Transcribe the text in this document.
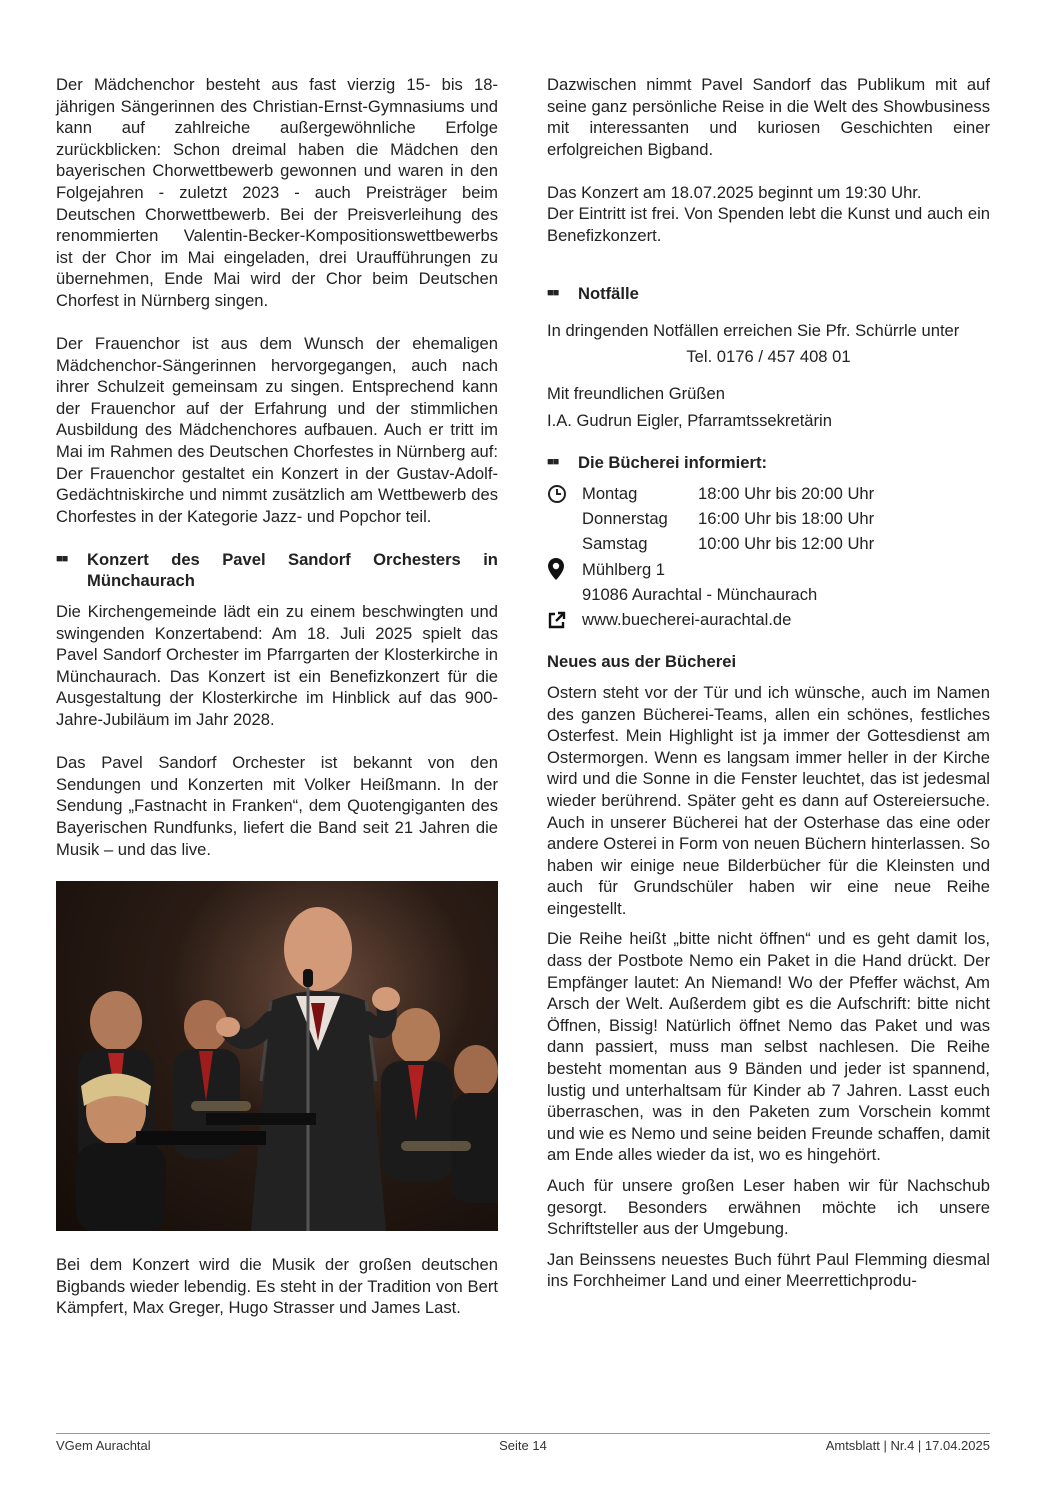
Der Mädchenchor besteht aus fast vierzig 15- bis 18-jährigen Sängerinnen des Christian-Ernst-Gymnasiums und kann auf zahlreiche außergewöhnliche Erfolge zurückblicken: Schon dreimal haben die Mädchen den bayerischen Chorwettbewerb gewonnen und waren in den Folgejahren - zuletzt 2023 - auch Preisträger beim Deutschen Chorwettbewerb. Bei der Preisverleihung des renommierten Valentin-Becker-Kompositionswettbewerbs ist der Chor im Mai eingeladen, drei Uraufführungen zu übernehmen, Ende Mai wird der Chor beim Deutschen Chorfest in Nürnberg singen.

Der Frauenchor ist aus dem Wunsch der ehemaligen Mädchenchor-Sängerinnen hervorgegangen, auch nach ihrer Schulzeit gemeinsam zu singen. Entsprechend kann der Frauenchor auf der Erfahrung und der stimmlichen Ausbildung des Mädchenchores aufbauen. Auch er tritt im Mai im Rahmen des Deutschen Chorfestes in Nürnberg auf: Der Frauenchor gestaltet ein Konzert in der Gustav-Adolf-Gedächtniskirche und nimmt zusätzlich am Wettbewerb des Chorfestes in der Kategorie Jazz- und Popchor teil.

■■	Konzert des Pavel Sandorf Orchesters in
Münchaurach

Die Kirchengemeinde lädt ein zu einem beschwingten und swingenden Konzertabend: Am 18. Juli 2025 spielt das Pavel Sandorf Orchester im Pfarrgarten der Klosterkirche in Münchaurach. Das Konzert ist ein Benefizkonzert für die Ausgestaltung der Klosterkirche im Hinblick auf das 900-Jahre-Jubiläum im Jahr 2028.

Das Pavel Sandorf Orchester ist bekannt von den Sendungen und Konzerten mit Volker Heißmann. In der Sendung „Fastnacht in Franken“, dem Quotengiganten des Bayerischen Rundfunks, liefert die Band seit 21 Jahren die Musik – und das live.

Bei dem Konzert wird die Musik der großen deutschen Bigbands wieder lebendig. Es steht in der Tradition von Bert Kämpfert, Max Greger, Hugo Strasser und James Last.

Dazwischen nimmt Pavel Sandorf das Publikum mit auf seine ganz persönliche Reise in die Welt des Showbusiness mit interessanten und kuriosen Geschichten einer erfolgreichen Bigband.

Das Konzert am 18.07.2025 beginnt um 19:30 Uhr.

Der Eintritt ist frei. Von Spenden lebt die Kunst und auch ein Benefizkonzert.

■■	Notfälle

In dringenden Notfällen erreichen Sie Pfr. Schürrle unter

Tel. 0176 / 457 408 01
Mit freundlichen Grüßen
I.A. Gudrun Eigler, Pfarramtssekretärin
■■	Die Bücherei informiert:
Montag	18:00 Uhr bis 20:00 Uhr
Donnerstag	16:00 Uhr bis 18:00 Uhr
Samstag	10:00 Uhr bis 12:00 Uhr
Mühlberg 1
91086 Aurachtal - Münchaurach
www.buecherei-aurachtal.de
Neues aus der Bücherei

Ostern steht vor der Tür und ich wünsche, auch im Namen des ganzen Bücherei-Teams, allen ein schönes, festliches Osterfest. Mein Highlight ist ja immer der Gottesdienst am Ostermorgen. Wenn es langsam immer heller in der Kirche wird und die Sonne in die Fenster leuchtet, das ist jedesmal wieder berührend. Später geht es dann auf Ostereiersuche. Auch in unserer Bücherei hat der Osterhase das eine oder andere Osterei in Form von neuen Büchern hinterlassen. So haben wir einige neue Bilderbücher für die Kleinsten und auch für Grundschüler haben wir eine neue Reihe eingestellt.

Die Reihe heißt „bitte nicht öffnen“ und es geht damit los, dass der Postbote Nemo ein Paket in die Hand drückt. Der Empfänger lautet: An Niemand! Wo der Pfeffer wächst, Am Arsch der Welt. Außerdem gibt es die Aufschrift: bitte nicht Öffnen, Bissig! Natürlich öffnet Nemo das Paket und was dann passiert, muss man selbst nachlesen. Die Reihe besteht momentan aus 9 Bänden und jeder ist spannend, lustig und unterhaltsam für Kinder ab 7 Jahren. Lasst euch überraschen, was in den Paketen zum Vorschein kommt und wie es Nemo und seine beiden Freunde schaffen, damit am Ende alles wieder da ist, wo es hingehört.

Auch für unsere großen Leser haben wir für Nachschub gesorgt. Besonders erwähnen möchte ich unsere Schriftsteller aus der Umgebung.

Jan Beinssens neuestes Buch führt Paul Flemming diesmal ins Forchheimer Land und einer Meerrettichprodu-

VGem Aurachtal	Seite 14	Amtsblatt | Nr.4 | 17.04.2025
